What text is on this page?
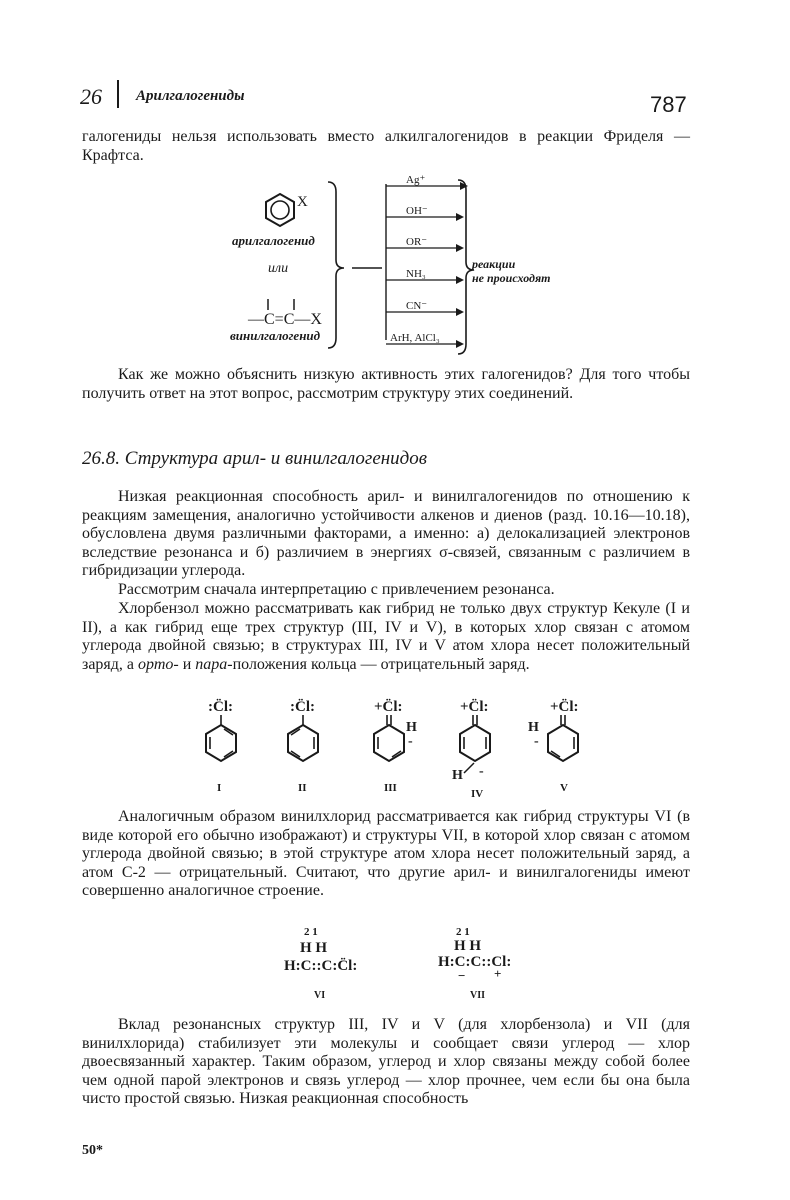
26 Арилгалогениды	787
галогениды нельзя использовать вместо алкилгалогенидов в реакции Фриделя — Крафтса.
X
арилгалогенид
или
—C=C—X
винилгалогенид
Ag⁺
OH⁻
OR⁻
NH₃
CN⁻
ArH, AlCl₃
реакции
не происходят
Как же можно объяснить низкую активность этих галогенидов? Для того чтобы получить ответ на этот вопрос, рассмотрим структуру этих соединений.
26.8. Структура арил- и винилгалогенидов
Низкая реакционная способность арил- и винилгалогенидов по отношению к реакциям замещения, аналогично устойчивости алкенов и диенов (разд. 10.16—10.18), обусловлена двумя различными факторами, а именно: а) делокализацией электронов вследствие резонанса и б) различием в энергиях σ-связей, связанным с различием в гибридизации углерода.
Рассмотрим сначала интерпретацию с привлечением резонанса.
Хлорбензол можно рассматривать как гибрид не только двух структур Кекуле (I и II), а как гибрид еще трех структур (III, IV и V), в которых хлор связан с атомом углерода двойной связью; в структурах III, IV и V атом хлора несет положительный заряд, а орто- и пара-положения кольца — отрицательный заряд.
:C̈l:
I
:C̈l:
II
+C̈l:
H
-
III
+C̈l:
H -
IV
+C̈l:
H
-
V
Аналогичным образом винилхлорид рассматривается как гибрид структуры VI (в виде которой его обычно изображают) и структуры VII, в которой хлор связан с атомом углерода двойной связью; в этой структуре атом хлора несет положительный заряд, а атом С-2 — отрицательный. Считают, что другие арил- и винилгалогениды имеют совершенно аналогичное строение.
2 1
H H
H:C::C:C̈l:
VI
2 1
H H
H:C:C::Cl:
− +
VII
Вклад резонансных структур III, IV и V (для хлорбензола) и VII (для винилхлорида) стабилизует эти молекулы и сообщает связи углерод — хлор двоесвязанный характер. Таким образом, углерод и хлор связаны между собой более чем одной парой электронов и связь углерод — хлор прочнее, чем если бы она была чисто простой связью. Низкая реакционная способность
50*
